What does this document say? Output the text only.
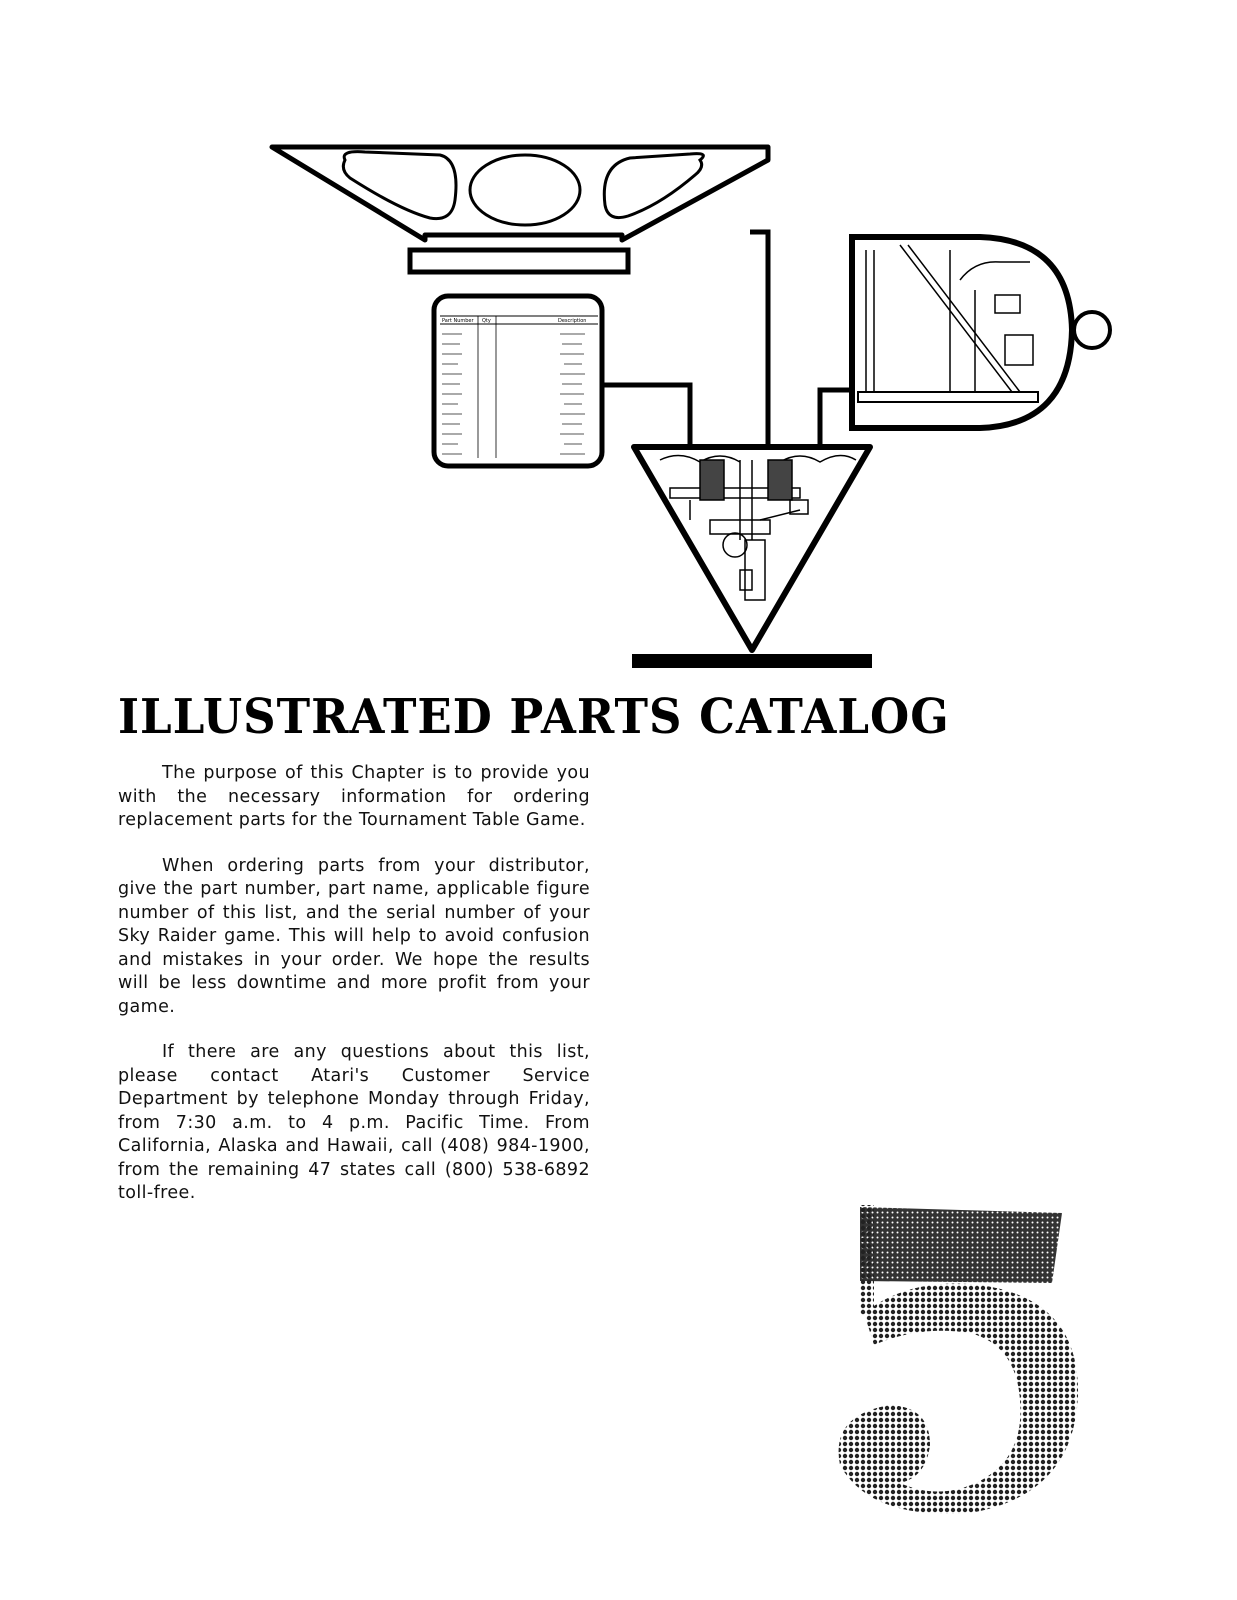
Part Number Qty	Description
ILLUSTRATED PARTS CATALOG

The purpose of this Chapter is to provide you with the necessary information for ordering replacement parts for the Tournament Table Game.

When ordering parts from your distributor, give the part number, part name, applicable figure number of this list, and the serial number of your Sky Raider game. This will help to avoid confusion and mistakes in your order. We hope the results will be less downtime and more profit from your game.

If there are any questions about this list, please contact Atari's Customer Service Department by telephone Monday through Friday, from 7:30 a.m. to 4 p.m. Pacific Time. From California, Alaska and Hawaii, call (408) 984-1900, from the remaining 47 states call (800) 538-6892 toll-free.

5
